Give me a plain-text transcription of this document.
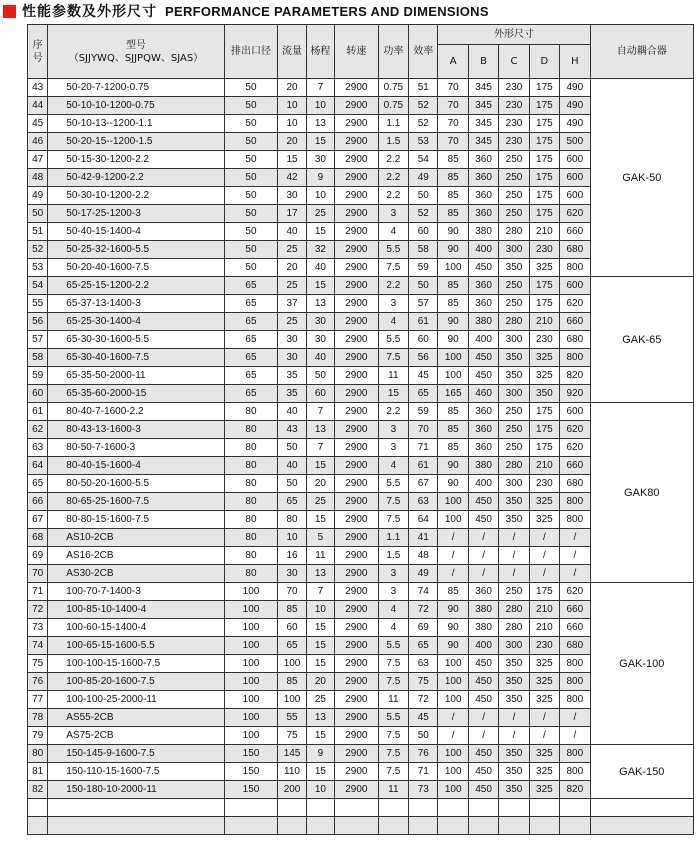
性能参数及外形尺寸 PERFORMANCE PARAMETERS AND DIMENSIONS
序号	型号
（SJJYWQ、SJJPQW、SJAS）	排出口径	流量	杨程	转速	功率	效率	外形尺寸					自动耦合器
								A	B	C	D	H	
43	50-20-7-1200-0.75	50	20	7	2900	0.75	51	70	345	230	175	490	GAK-50
44	50-10-10-1200-0.75	50	10	10	2900	0.75	52	70	345	230	175	490	
45	50-10-13--1200-1.1	50	10	13	2900	1.1	52	70	345	230	175	490	
46	50-20-15--1200-1.5	50	20	15	2900	1.5	53	70	345	230	175	500	
47	50-15-30-1200-2.2	50	15	30	2900	2.2	54	85	360	250	175	600	
48	50-42-9-1200-2.2	50	42	9	2900	2.2	49	85	360	250	175	600	
49	50-30-10-1200-2.2	50	30	10	2900	2.2	50	85	360	250	175	600	
50	50-17-25-1200-3	50	17	25	2900	3	52	85	360	250	175	620	
51	50-40-15-1400-4	50	40	15	2900	4	60	90	380	280	210	660	
52	50-25-32-1600-5.5	50	25	32	2900	5.5	58	90	400	300	230	680	
53	50-20-40-1600-7.5	50	20	40	2900	7.5	59	100	450	350	325	800	
54	65-25-15-1200-2.2	65	25	15	2900	2.2	50	85	360	250	175	600	GAK-65
55	65-37-13-1400-3	65	37	13	2900	3	57	85	360	250	175	620	
56	65-25-30-1400-4	65	25	30	2900	4	61	90	380	280	210	660	
57	65-30-30-1600-5.5	65	30	30	2900	5.5	60	90	400	300	230	680	
58	65-30-40-1600-7.5	65	30	40	2900	7.5	56	100	450	350	325	800	
59	65-35-50-2000-11	65	35	50	2900	11	45	100	450	350	325	820	
60	65-35-60-2000-15	65	35	60	2900	15	65	165	460	300	350	920	
61	80-40-7-1600-2.2	80	40	7	2900	2.2	59	85	360	250	175	600	GAK80
62	80-43-13-1600-3	80	43	13	2900	3	70	85	360	250	175	620	
63	80-50-7-1600-3	80	50	7	2900	3	71	85	360	250	175	620	
64	80-40-15-1600-4	80	40	15	2900	4	61	90	380	280	210	660	
65	80-50-20-1600-5.5	80	50	20	2900	5.5	67	90	400	300	230	680	
66	80-65-25-1600-7.5	80	65	25	2900	7.5	63	100	450	350	325	800	
67	80-80-15-1600-7.5	80	80	15	2900	7.5	64	100	450	350	325	800	
68	AS10-2CB	80	10	5	2900	1.1	41	/	/	/	/	/	
69	AS16-2CB	80	16	11	2900	1.5	48	/	/	/	/	/	
70	AS30-2CB	80	30	13	2900	3	49	/	/	/	/	/	
71	100-70-7-1400-3	100	70	7	2900	3	74	85	360	250	175	620	GAK-100
72	100-85-10-1400-4	100	85	10	2900	4	72	90	380	280	210	660	
73	100-60-15-1400-4	100	60	15	2900	4	69	90	380	280	210	660	
74	100-65-15-1600-5.5	100	65	15	2900	5.5	65	90	400	300	230	680	
75	100-100-15-1600-7.5	100	100	15	2900	7.5	63	100	450	350	325	800	
76	100-85-20-1600-7.5	100	85	20	2900	7.5	75	100	450	350	325	800	
77	100-100-25-2000-11	100	100	25	2900	11	72	100	450	350	325	800	
78	AS55-2CB	100	55	13	2900	5.5	45	/	/	/	/	/	
79	AS75-2CB	100	75	15	2900	7.5	50	/	/	/	/	/	
80	150-145-9-1600-7.5	150	145	9	2900	7.5	76	100	450	350	325	800	GAK-150
81	150-110-15-1600-7.5	150	110	15	2900	7.5	71	100	450	350	325	800	
82	150-180-10-2000-11	150	200	10	2900	11	73	100	450	350	325	820	
